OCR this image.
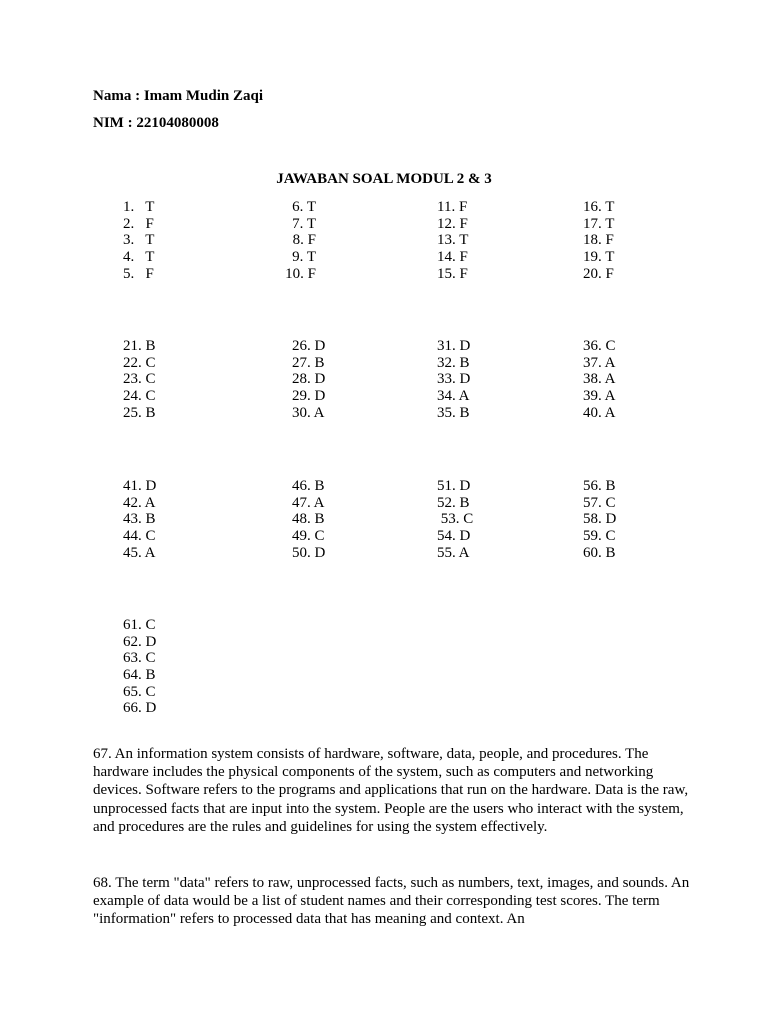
Nama : Imam Mudin Zaqi
NIM : 22104080008
JAWABAN SOAL MODUL 2 & 3
1.   T
2.   F
3.   T
4.   T
5.   F
6. T
7. T
8. F
9. T
10. F
11. F
12. F
13. T
14. F
15. F
16. T
17. T
18. F
19. T
20. F
21. B
22. C
23. C
24. C
25. B
26. D
27. B
28. D
29. D
30. A
31. D
32. B
33. D
34. A
35. B
36. C
37. A
38. A
39. A
40. A
41. D
42. A
43. B
44. C
45. A
46. B
47. A
48. B
49. C
50. D
51. D
52. B
53. C
54. D
55. A
56. B
57. C
58. D
59. C
60. B
61. C
62. D
63. C
64. B
65. C
66. D

67. An information system consists of hardware, software, data, people, and procedures. The hardware includes the physical components of the system, such as computers and networking devices. Software refers to the programs and applications that run on the hardware. Data is the raw, unprocessed facts that are input into the system. People are the users who interact with the system, and procedures are the rules and guidelines for using the system effectively.

68. The term "data" refers to raw, unprocessed facts, such as numbers, text, images, and sounds. An example of data would be a list of student names and their corresponding test scores. The term "information" refers to processed data that has meaning and context. An
